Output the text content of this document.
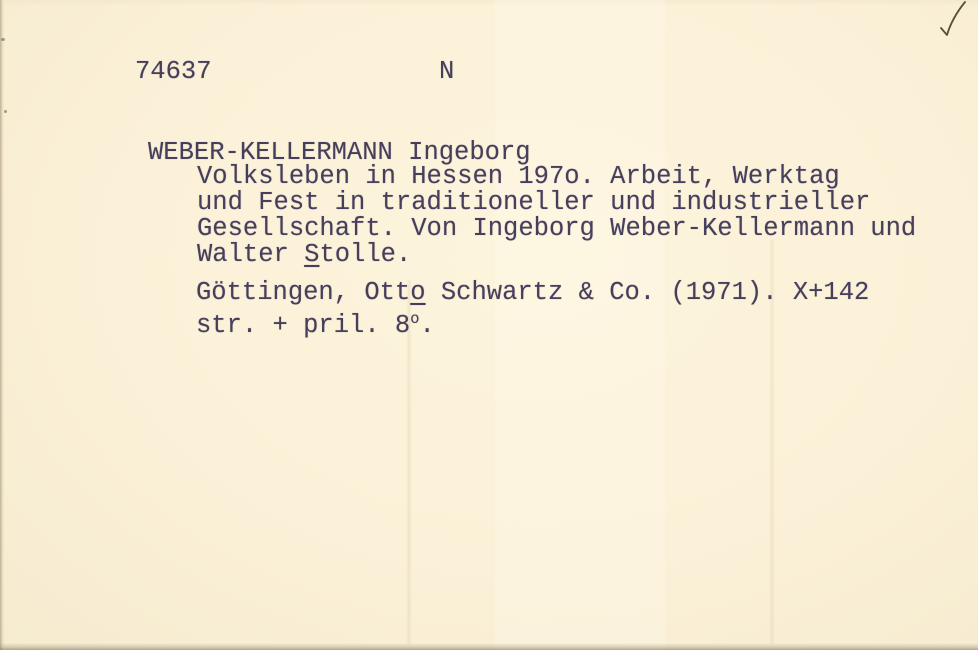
74637	N
WEBER-KELLERMANN Ingeborg
Volksleben in Hessen 197o. Arbeit, Werktag
und Fest in traditioneller und industrieller
Gesellschaft. Von Ingeborg Weber-Kellermann und
Walter Stolle.
Göttingen, Otto Schwartz & Co. (1971). X+142
str. + pril. 8$^o$.
